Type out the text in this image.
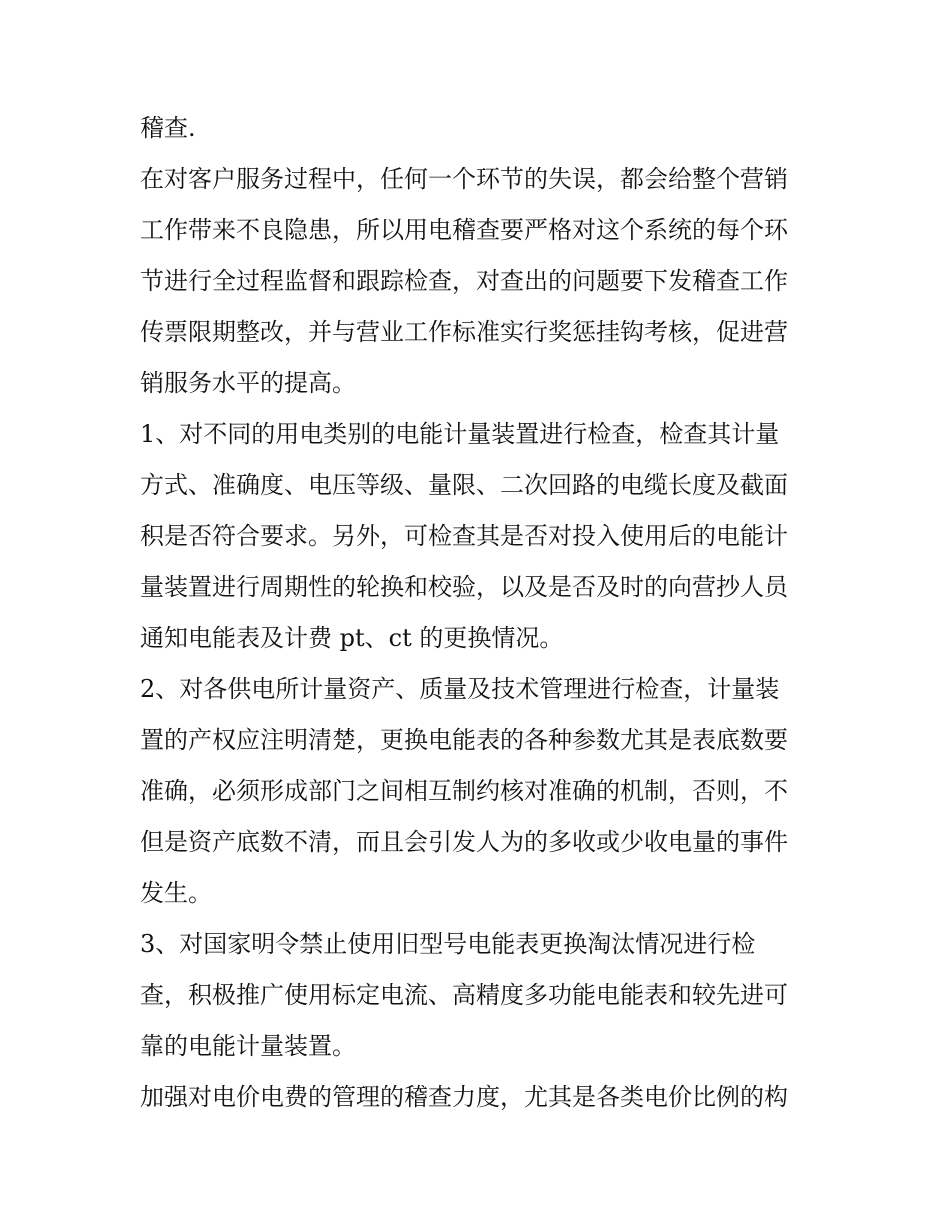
稽查.
在对客户服务过程中，任何一个环节的失误，都会给整个营销
工作带来不良隐患，所以用电稽查要严格对这个系统的每个环
节进行全过程监督和跟踪检查，对查出的问题要下发稽查工作
传票限期整改，并与营业工作标准实行奖惩挂钩考核，促进营
销服务水平的提高。
1、对不同的用电类别的电能计量装置进行检查，检查其计量
方式、准确度、电压等级、量限、二次回路的电缆长度及截面
积是否符合要求。另外，可检查其是否对投入使用后的电能计
量装置进行周期性的轮换和校验，以及是否及时的向营抄人员
通知电能表及计费 pt、ct 的更换情况。
2、对各供电所计量资产、质量及技术管理进行检查，计量装
置的产权应注明清楚，更换电能表的各种参数尤其是表底数要
准确，必须形成部门之间相互制约核对准确的机制，否则，不
但是资产底数不清，而且会引发人为的多收或少收电量的事件
发生。
3、对国家明令禁止使用旧型号电能表更换淘汰情况进行检
查，积极推广使用标定电流、高精度多功能电能表和较先进可
靠的电能计量装置。
加强对电价电费的管理的稽查力度，尤其是各类电价比例的构
